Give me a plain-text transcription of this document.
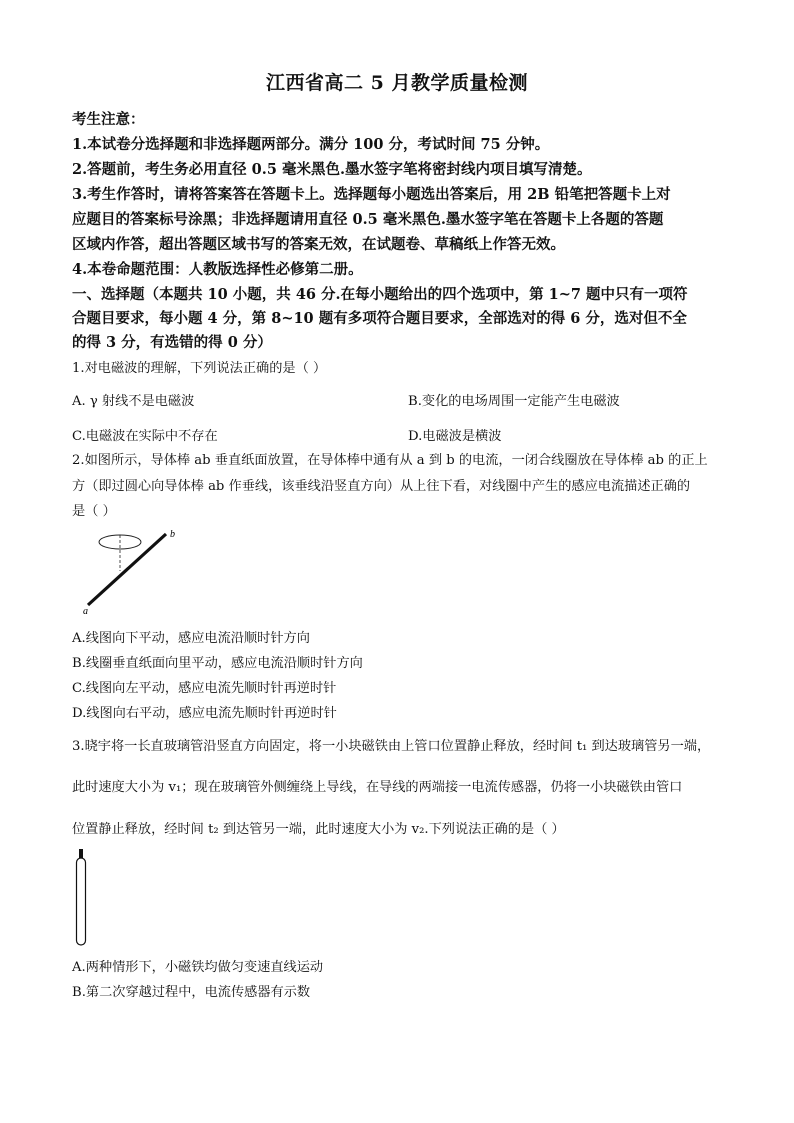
江西省高二 5 月教学质量检测
考生注意：
1.本试卷分选择题和非选择题两部分。满分 100 分，考试时间 75 分钟。
2.答题前，考生务必用直径 0.5 毫米黑色.墨水签字笔将密封线内项目填写清楚。
3.考生作答时，请将答案答在答题卡上。选择题每小题选出答案后，用 2B 铅笔把答题卡上对
应题目的答案标号涂黑；非选择题请用直径 0.5 毫米黑色.墨水签字笔在答题卡上各题的答题
区域内作答，超出答题区域书写的答案无效，在试题卷、草稿纸上作答无效。
4.本卷命题范围：人教版选择性必修第二册。
一、选择题（本题共 10 小题，共 46 分.在每小题给出的四个选项中，第 1~7 题中只有一项符
合题目要求，每小题 4 分，第 8~10 题有多项符合题目要求，全部选对的得 6 分，选对但不全
的得 3 分，有选错的得 0 分）
1.对电磁波的理解，下列说法正确的是（ ）
A. γ 射线不是电磁波	B.变化的电场周围一定能产生电磁波
C.电磁波在实际中不存在	D.电磁波是横波
2.如图所示，导体棒 ab 垂直纸面放置，在导体棒中通有从 a 到 b 的电流，一闭合线圈放在导体棒 ab 的正上
方（即过圆心向导体棒 ab 作垂线，该垂线沿竖直方向）从上往下看，对线圈中产生的感应电流描述正确的
是（ ）
a
b
A.线图向下平动，感应电流沿顺时针方向
B.线圈垂直纸面向里平动，感应电流沿顺时针方向
C.线图向左平动，感应电流先顺时针再逆时针
D.线图向右平动，感应电流先顺时针再逆时针
3.晓宇将一长直玻璃管沿竖直方向固定，将一小块磁铁由上管口位置静止释放，经时间 t₁ 到达玻璃管另一端，
此时速度大小为 v₁；现在玻璃管外侧缠绕上导线，在导线的两端接一电流传感器，仍将一小块磁铁由管口
位置静止释放，经时间 t₂ 到达管另一端，此时速度大小为 v₂.下列说法正确的是（ ）
A.两种情形下，小磁铁均做匀变速直线运动
B.第二次穿越过程中，电流传感器有示数
